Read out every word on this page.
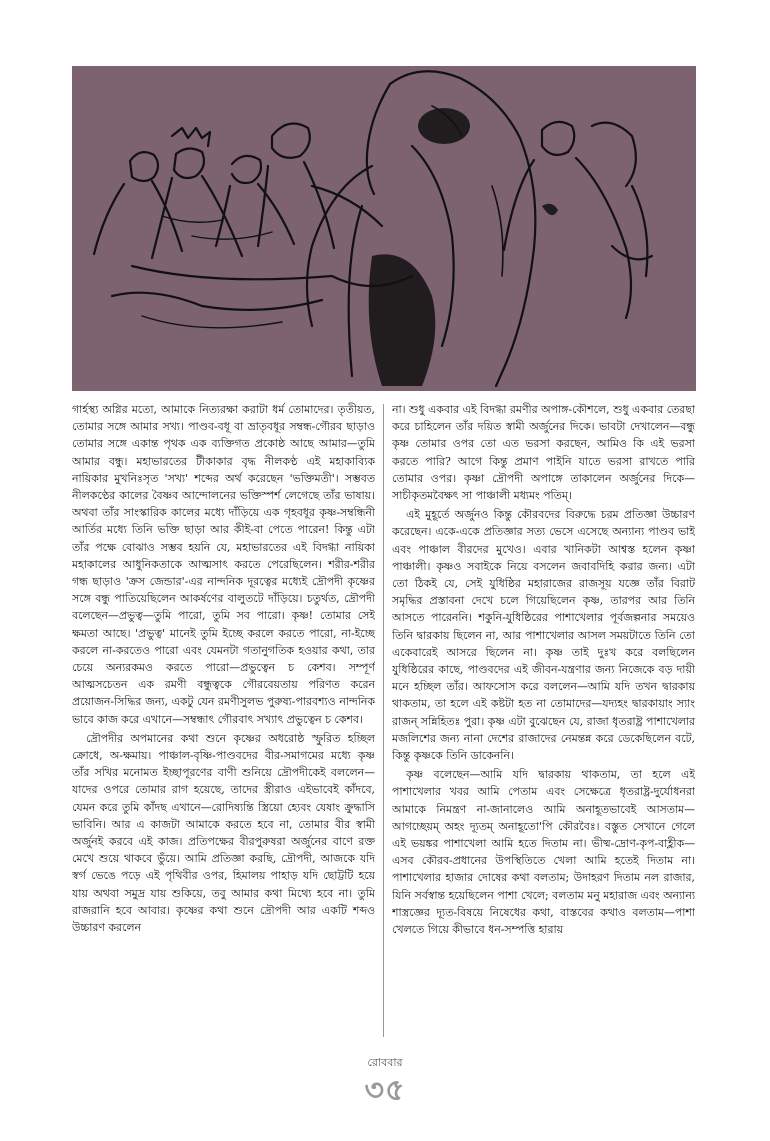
গার্হস্থ্য অগ্নির মতো, আমাকে নিত্যরক্ষা করাটা ধর্ম তোমাদের। তৃতীয়ত, তোমার সঙ্গে আমার সখ্য। পাণ্ডব-বধূ বা ভ্রাতৃবধূর সম্বন্ধ-গৌরব ছাড়াও তোমার সঙ্গে একান্ত পৃথক এক ব্যক্তিগত প্রকোষ্ঠ আছে আমার—তুমি আমার বন্ধু। মহাভারতের টীকাকার বৃদ্ধ নীলকণ্ঠ এই মহাকাব্যিক নায়িকার মুখনিঃসৃত 'সখ্য' শব্দের অর্থ করেছেন 'ভক্তিমতী'। সম্ভবত নীলকণ্ঠের কালের বৈষ্ণব আন্দোলনের ভক্তিস্পর্শ লেগেছে তাঁর ভাষায়। অথবা তাঁর সাংস্কারিক কালের মধ্যে দাঁড়িয়ে এক গৃহবধূর কৃষ্ণ-সম্বন্ধিনী আর্তির মধ্যে তিনি ভক্তি ছাড়া আর কীই-বা পেতে পারেন! কিন্তু এটা তাঁর পক্ষে বোঝাও সম্ভব হয়নি যে, মহাভারতের এই বিদগ্ধা নায়িকা মহাকালের আধুনিকতাকে আত্মসাৎ করতে পেরেছিলেন। শরীর-শরীর গন্ধ ছাড়াও 'ক্রস জেন্ডার'-এর নান্দনিক দূরত্বের মধ্যেই দ্রৌপদী কৃষ্ণের সঙ্গে বন্ধু পাতিয়েছিলেন আকর্ষণের বালুতটে দাঁড়িয়ে। চতুর্থত, দ্রৌপদী বলেছেন—প্রভুত্ব—তুমি পারো, তুমি সব পারো। কৃষ্ণ! তোমার সেই ক্ষমতা আছে। 'প্রভুত্ব' মানেই তুমি ইচ্ছে করলে করতে পারো, না-ইচ্ছে করলে না-করতেও পারো এবং যেমনটা গতানুগতিক হওয়ার কথা, তার চেয়ে অন্যরকমও করতে পারো—প্রভুত্বেন চ কেশব। সম্পূর্ণ আত্মসচেতন এক রমণী বন্ধুত্বকে গৌরবেয়তায় পরিণত করেন প্রয়োজন-সিদ্ধির জন্য, একটু যেন রমণীসুলভ পুরুষ্য-পারবশ্যও নান্দনিক ভাবে কাজ করে এখানে—সম্বন্ধাৎ গৌরবাৎ সখ্যাৎ প্রভুত্বেন চ কেশব।

দ্রৌপদীর অপমানের কথা শুনে কৃষ্ণের অধরোষ্ঠ স্ফুরিত হচ্ছিল ক্রোধে, অ-ক্ষমায়। পাঞ্চাল-বৃষ্ণি-পাণ্ডবদের বীর-সমাগমের মধ্যে কৃষ্ণ তাঁর সখির মনোমত ইচ্ছাপূরণের বাণী শুনিয়ে দ্রৌপদীকেই বললেন—যাদের ওপরে তোমার রাগ হয়েছে, তাদের স্ত্রীরাও এইভাবেই কাঁদবে, যেমন করে তুমি কাঁদছ এখানে—রোদিষ্যন্তি স্ত্রিয়ো হ্যেবং যেষাং ক্রুদ্ধাসি ভাবিনি। আর এ কাজটা আমাকে করতে হবে না, তোমার বীর স্বামী অর্জুনই করবে এই কাজ। প্রতিপক্ষের বীরপুরুষরা অর্জুনের বাণে রক্ত মেখে শুয়ে থাকবে ভুঁয়ে। আমি প্রতিজ্ঞা করছি, দ্রৌপদী, আজকে যদি স্বর্গ ভেঙে পড়ে এই পৃথিবীর ওপর, হিমালয় পাহাড় যদি ছোট্টটি হয়ে যায় অথবা সমুদ্র যায় শুকিয়ে, তবু আমার কথা মিথ্যে হবে না। তুমি রাজরানি হবে আবার। কৃষ্ণের কথা শুনে দ্রৌপদী আর একটি শব্দও উচ্চারণ করলেন

না। শুধু একবার এই বিদগ্ধা রমণীর অপাঙ্গ-কৌশলে, শুধু একবার তেরছা করে চাহিলেন তাঁর দয়িত স্বামী অর্জুনের দিকে। ভাবটা দেখালেন—বন্ধু কৃষ্ণ তোমার ওপর তো এত ভরসা করছেন, আমিও কি এই ভরসা করতে পারি? আগে কিন্তু প্রমাণ পাইনি যাতে ভরসা রাখতে পারি তোমার ওপর। কৃষ্ণা দ্রৌপদী অপাঙ্গে তাকালেন অর্জুনের দিকে—সাচীকৃতমবৈক্ষৎ সা পাঞ্চালী মধ্যমং পতিম্‌।

এই মুহূর্তে অর্জুনও কিন্তু কৌরবদের বিরুদ্ধে চরম প্রতিজ্ঞা উচ্চারণ করেছেন। একে-একে প্রতিজ্ঞার সত্য ভেসে এসেছে অন্যান্য পাণ্ডব ভাই এবং পাঞ্চাল বীরদের মুখেও। এবার খানিকটা আশ্বস্ত হলেন কৃষ্ণা পাঞ্চালী। কৃষ্ণও সবাইকে নিয়ে বসলেন জবাবদিহি করার জন্য। এটা তো ঠিকই যে, সেই যুধিষ্ঠির মহারাজের রাজসূয় যজ্ঞে তাঁর বিরাট সমৃদ্ধির প্রস্তাবনা দেখে চলে গিয়েছিলেন কৃষ্ণ, তারপর আর তিনি আসতে পারেননি। শকুনি-যুধিষ্ঠিরের পাশাখেলার পূর্বজল্পনার সময়েও তিনি দ্বারকায় ছিলেন না, আর পাশাখেলার আসল সময়টাতে তিনি তো একেবারেই আসরে ছিলেন না। কৃষ্ণ তাই দুঃখ করে বলছিলেন যুধিষ্ঠিরের কাছে, পাণ্ডবদের এই জীবন-যন্ত্রণার জন্য নিজেকে বড় দায়ী মনে হচ্ছিল তাঁর। আফসোস করে বললেন—আমি যদি তখন দ্বারকায় থাকতাম, তা হলে এই কষ্টটা হত না তোমাদের—যদ্যহং দ্বারকায়াং স্যাং রাজন্ সন্নিহিতঃ পুরা। কৃষ্ণ এটা বুঝেছেন যে, রাজা ধৃতরাষ্ট্র পাশাখেলার মজলিশের জন্য নানা দেশের রাজাদের নেমন্তন্ন করে ডেকেছিলেন বটে, কিন্তু কৃষ্ণকে তিনি ডাকেননি।

কৃষ্ণ বলেছেন—আমি যদি দ্বারকায় থাকতাম, তা হলে এই পাশাখেলার খবর আমি পেতাম এবং সেক্ষেত্রে ধৃতরাষ্ট্র-দুর্যোধনরা আমাকে নিমন্ত্রণ না-জানালেও আমি অনাহূতভাবেই আসতাম—আগচ্ছেয়ম্ অহং দ্যূতম্ অনাহূতো'পি কৌরবৈঃ। বস্তুত সেখানে গেলে এই ভয়ঙ্কর পাশাখেলা আমি হতে দিতাম না। ভীষ্ম-দ্রোণ-কৃপ-বাহ্লীক—এসব কৌরব-প্রধানের উপস্থিতিতে খেলা আমি হতেই দিতাম না। পাশাখেলার হাজার দোষের কথা বলতাম; উদাহরণ দিতাম নল রাজার, যিনি সর্বস্বান্ত হয়েছিলেন পাশা খেলে; বলতাম মনু মহারাজ এবং অন্যান্য শাস্ত্রজ্ঞের দ্যূত-বিষয়ে নিষেধের কথা, বাস্তবের কথাও বলতাম—পাশা খেলতে গিয়ে কীভাবে ধন-সম্পত্তি হারায়

রোববার
৩৫
